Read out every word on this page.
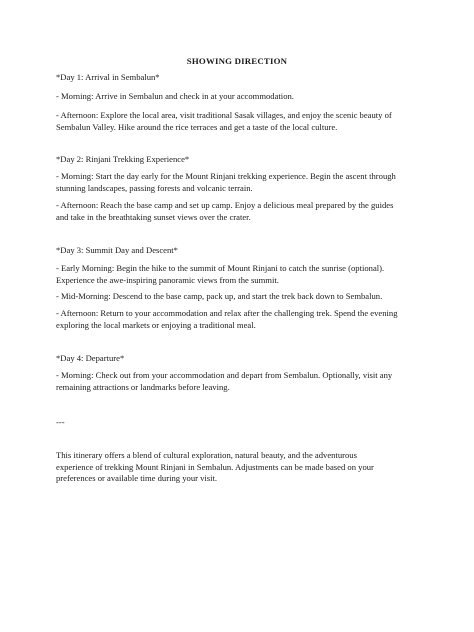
SHOWING DIRECTION
*Day 1: Arrival in Sembalun*
- Morning: Arrive in Sembalun and check in at your accommodation.
- Afternoon: Explore the local area, visit traditional Sasak villages, and enjoy the scenic beauty of
Sembalun Valley. Hike around the rice terraces and get a taste of the local culture.
*Day 2: Rinjani Trekking Experience*
- Morning: Start the day early for the Mount Rinjani trekking experience. Begin the ascent through
stunning landscapes, passing forests and volcanic terrain.
- Afternoon: Reach the base camp and set up camp. Enjoy a delicious meal prepared by the guides
and take in the breathtaking sunset views over the crater.
*Day 3: Summit Day and Descent*
- Early Morning: Begin the hike to the summit of Mount Rinjani to catch the sunrise (optional).
Experience the awe-inspiring panoramic views from the summit.
- Mid-Morning: Descend to the base camp, pack up, and start the trek back down to Sembalun.
- Afternoon: Return to your accommodation and relax after the challenging trek. Spend the evening
exploring the local markets or enjoying a traditional meal.
*Day 4: Departure*
- Morning: Check out from your accommodation and depart from Sembalun. Optionally, visit any
remaining attractions or landmarks before leaving.
---
This itinerary offers a blend of cultural exploration, natural beauty, and the adventurous
experience of trekking Mount Rinjani in Sembalun. Adjustments can be made based on your
preferences or available time during your visit.
